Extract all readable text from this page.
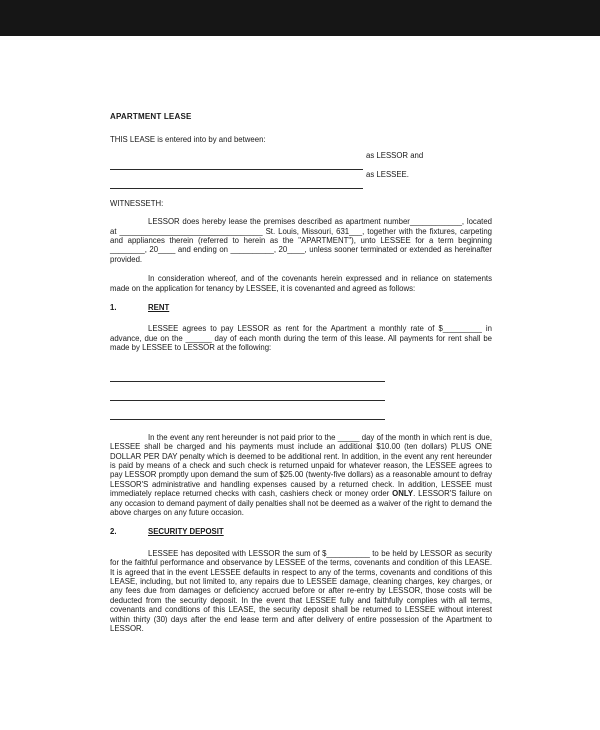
APARTMENT LEASE
THIS LEASE is entered into by and between:
as LESSOR and
as LESSEE.
WITNESSETH:
LESSOR does hereby lease the premises described as apartment number____________, located at _________________________________ St. Louis, Missouri, 631___, together with the fixtures, carpeting and appliances therein (referred to herein as the "APARTMENT"), unto LESSEE for a term beginning ________, 20____ and ending on __________, 20____, unless sooner terminated or extended as hereinafter provided.
In consideration whereof, and of the covenants herein expressed and in reliance on statements made on the application for tenancy by LESSEE, it is covenanted and agreed as follows:
1.	RENT
LESSEE agrees to pay LESSOR as rent for the Apartment a monthly rate of $_________ in advance, due on the ______ day of each month during the term of this lease. All payments for rent shall be made by LESSEE to LESSOR at the following:
In the event any rent hereunder is not paid prior to the _____ day of the month in which rent is due, LESSEE shall be charged and his payments must include an additional $10.00 (ten dollars) PLUS ONE DOLLAR PER DAY penalty which is deemed to be additional rent. In addition, in the event any rent hereunder is paid by means of a check and such check is returned unpaid for whatever reason, the LESSEE agrees to pay LESSOR promptly upon demand the sum of $25.00 (twenty-five dollars) as a reasonable amount to defray LESSOR'S administrative and handling expenses caused by a returned check. In addition, LESSEE must immediately replace returned checks with cash, cashiers check or money order ONLY. LESSOR'S failure on any occasion to demand payment of daily penalties shall not be deemed as a waiver of the right to demand the above charges on any future occasion.
2.	SECURITY DEPOSIT
LESSEE has deposited with LESSOR the sum of $__________ to be held by LESSOR as security for the faithful performance and observance by LESSEE of the terms, covenants and condition of this LEASE. It is agreed that in the event LESSEE defaults in respect to any of the terms, covenants and conditions of this LEASE, including, but not limited to, any repairs due to LESSEE damage, cleaning charges, key charges, or any fees due from damages or deficiency accrued before or after re-entry by LESSOR, those costs will be deducted from the security deposit. In the event that LESSEE fully and faithfully complies with all terms, covenants and conditions of this LEASE, the security deposit shall be returned to LESSEE without interest within thirty (30) days after the end lease term and after delivery of entire possession of the Apartment to LESSOR.
